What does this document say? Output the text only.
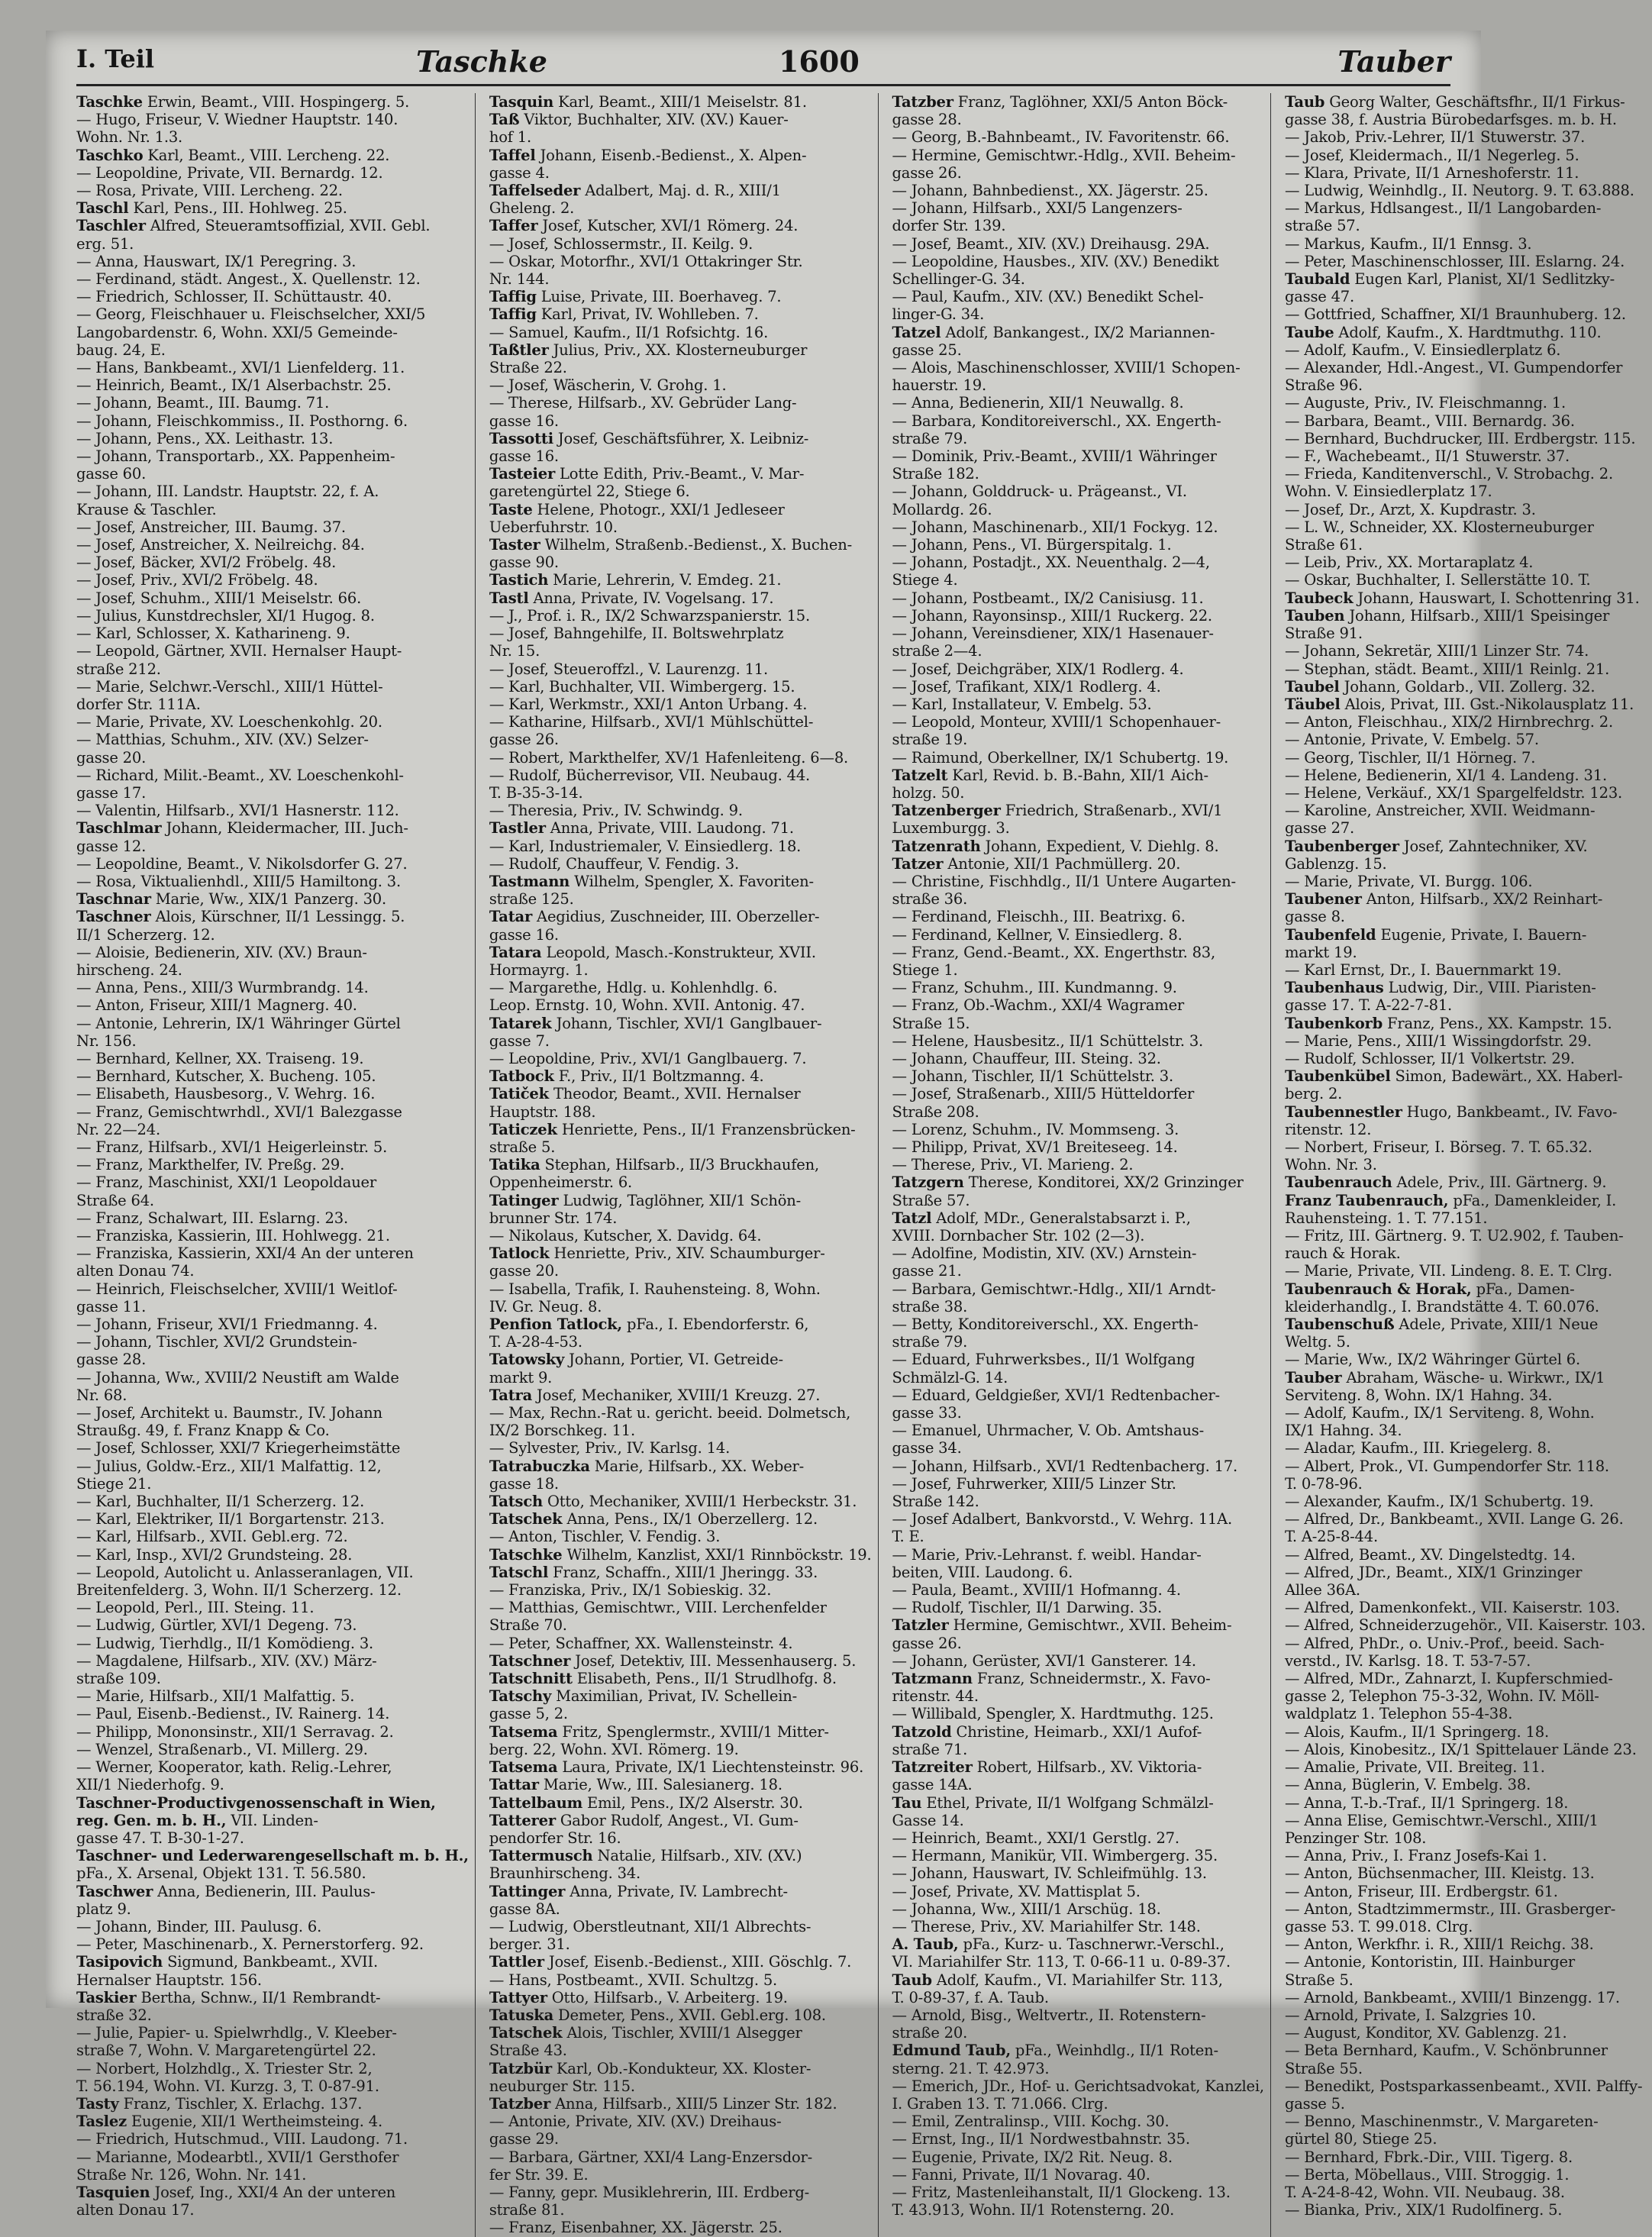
I. Teil	Taschke	1600	Tauber
Taschke Erwin, Beamt., VIII. Hospingerg. 5.
— Hugo, Friseur, V. Wiedner Hauptstr. 140.
Wohn. Nr. 1.3.
Taschko Karl, Beamt., VIII. Lercheng. 22.
— Leopoldine, Private, VII. Bernardg. 12.
— Rosa, Private, VIII. Lercheng. 22.
Taschl Karl, Pens., III. Hohlweg. 25.
Taschler Alfred, Steueramtsoffizial, XVII. Gebl.
erg. 51.
— Anna, Hauswart, IX/1 Peregring. 3.
— Ferdinand, städt. Angest., X. Quellenstr. 12.
— Friedrich, Schlosser, II. Schüttaustr. 40.
— Georg, Fleischhauer u. Fleischselcher, XXI/5
Langobardenstr. 6, Wohn. XXI/5 Gemeinde-
baug. 24, E.
— Hans, Bankbeamt., XVI/1 Lienfelderg. 11.
— Heinrich, Beamt., IX/1 Alserbachstr. 25.
— Johann, Beamt., III. Baumg. 71.
— Johann, Fleischkommiss., II. Posthorng. 6.
— Johann, Pens., XX. Leithastr. 13.
— Johann, Transportarb., XX. Pappenheim-
gasse 60.
— Johann, III. Landstr. Hauptstr. 22, f. A.
Krause & Taschler.
— Josef, Anstreicher, III. Baumg. 37.
— Josef, Anstreicher, X. Neilreichg. 84.
— Josef, Bäcker, XVI/2 Fröbelg. 48.
— Josef, Priv., XVI/2 Fröbelg. 48.
— Josef, Schuhm., XIII/1 Meiselstr. 66.
— Julius, Kunstdrechsler, XI/1 Hugog. 8.
— Karl, Schlosser, X. Katharineng. 9.
— Leopold, Gärtner, XVII. Hernalser Haupt-
straße 212.
— Marie, Selchwr.-Verschl., XIII/1 Hüttel-
dorfer Str. 111A.
— Marie, Private, XV. Loeschenkohlg. 20.
— Matthias, Schuhm., XIV. (XV.) Selzer-
gasse 20.
— Richard, Milit.-Beamt., XV. Loeschenkohl-
gasse 17.
— Valentin, Hilfsarb., XVI/1 Hasnerstr. 112.
Taschlmar Johann, Kleidermacher, III. Juch-
gasse 12.
— Leopoldine, Beamt., V. Nikolsdorfer G. 27.
— Rosa, Viktualienhdl., XIII/5 Hamiltong. 3.
Taschnar Marie, Ww., XIX/1 Panzerg. 30.
Taschner Alois, Kürschner, II/1 Lessingg. 5.
II/1 Scherzerg. 12.
— Aloisie, Bedienerin, XIV. (XV.) Braun-
hirscheng. 24.
— Anna, Pens., XIII/3 Wurmbrandg. 14.
— Anton, Friseur, XIII/1 Magnerg. 40.
— Antonie, Lehrerin, IX/1 Währinger Gürtel
Nr. 156.
— Bernhard, Kellner, XX. Traiseng. 19.
— Bernhard, Kutscher, X. Bucheng. 105.
— Elisabeth, Hausbesorg., V. Wehrg. 16.
— Franz, Gemischtwrhdl., XVI/1 Balezgasse
Nr. 22—24.
— Franz, Hilfsarb., XVI/1 Heigerleinstr. 5.
— Franz, Markthelfer, IV. Preßg. 29.
— Franz, Maschinist, XXI/1 Leopoldauer
Straße 64.
— Franz, Schalwart, III. Eslarng. 23.
— Franziska, Kassierin, III. Hohlwegg. 21.
— Franziska, Kassierin, XXI/4 An der unteren
alten Donau 74.
— Heinrich, Fleischselcher, XVIII/1 Weitlof-
gasse 11.
— Johann, Friseur, XVI/1 Friedmanng. 4.
— Johann, Tischler, XVI/2 Grundstein-
gasse 28.
— Johanna, Ww., XVIII/2 Neustift am Walde
Nr. 68.
— Josef, Architekt u. Baumstr., IV. Johann
Straußg. 49, f. Franz Knapp & Co.
— Josef, Schlosser, XXI/7 Kriegerheimstätte
— Julius, Goldw.-Erz., XII/1 Malfattig. 12,
Stiege 21.
— Karl, Buchhalter, II/1 Scherzerg. 12.
— Karl, Elektriker, II/1 Borgartenstr. 213.
— Karl, Hilfsarb., XVII. Gebl.erg. 72.
— Karl, Insp., XVI/2 Grundsteing. 28.
— Leopold, Autolicht u. Anlasseranlagen, VII.
Breitenfelderg. 3, Wohn. II/1 Scherzerg. 12.
— Leopold, Perl., III. Steing. 11.
— Ludwig, Gürtler, XVI/1 Degeng. 73.
— Ludwig, Tierhdlg., II/1 Komödieng. 3.
— Magdalene, Hilfsarb., XIV. (XV.) März-
straße 109.
— Marie, Hilfsarb., XII/1 Malfattig. 5.
— Paul, Eisenb.-Bedienst., IV. Rainerg. 14.
— Philipp, Mononsinstr., XII/1 Serravag. 2.
— Wenzel, Straßenarb., VI. Millerg. 29.
— Werner, Kooperator, kath. Relig.-Lehrer,
XII/1 Niederhofg. 9.
Taschner-Productivgenossenschaft in Wien,
reg. Gen. m. b. H., VII. Linden-
gasse 47. T. B-30-1-27.
Taschner- und Lederwarengesellschaft m. b. H.,
pFa., X. Arsenal, Objekt 131. T. 56.580.
Taschwer Anna, Bedienerin, III. Paulus-
platz 9.
— Johann, Binder, III. Paulusg. 6.
— Peter, Maschinenarb., X. Pernerstorferg. 92.
Tasipovich Sigmund, Bankbeamt., XVII.
Hernalser Hauptstr. 156.
Taskier Bertha, Schnw., II/1 Rembrandt-
straße 32.
— Julie, Papier- u. Spielwrhdlg., V. Kleeber-
straße 7, Wohn. V. Margaretengürtel 22.
— Norbert, Holzhdlg., X. Triester Str. 2,
T. 56.194, Wohn. VI. Kurzg. 3, T. 0-87-91.
Tasty Franz, Tischler, X. Erlachg. 137.
Taslez Eugenie, XII/1 Wertheimsteing. 4.
— Friedrich, Hutschmud., VIII. Laudong. 71.
— Marianne, Modearbtl., XVII/1 Gersthofer
Straße Nr. 126, Wohn. Nr. 141.
Tasquien Josef, Ing., XXI/4 An der unteren
alten Donau 17.
Tasquin Karl, Beamt., XIII/1 Meiselstr. 81.
Taß Viktor, Buchhalter, XIV. (XV.) Kauer-
hof 1.
Taffel Johann, Eisenb.-Bedienst., X. Alpen-
gasse 4.
Taffelseder Adalbert, Maj. d. R., XIII/1
Gheleng. 2.
Taffer Josef, Kutscher, XVI/1 Römerg. 24.
— Josef, Schlossermstr., II. Keilg. 9.
— Oskar, Motorfhr., XVI/1 Ottakringer Str.
Nr. 144.
Taffig Luise, Private, III. Boerhaveg. 7.
Taffig Karl, Privat, IV. Wohlleben. 7.
— Samuel, Kaufm., II/1 Rofsichtg. 16.
Taßtler Julius, Priv., XX. Klosterneuburger
Straße 22.
— Josef, Wäscherin, V. Grohg. 1.
— Therese, Hilfsarb., XV. Gebrüder Lang-
gasse 16.
Tassotti Josef, Geschäftsführer, X. Leibniz-
gasse 16.
Tasteier Lotte Edith, Priv.-Beamt., V. Mar-
garetengürtel 22, Stiege 6.
Taste Helene, Photogr., XXI/1 Jedleseer
Ueberfuhrstr. 10.
Taster Wilhelm, Straßenb.-Bedienst., X. Buchen-
gasse 90.
Tastich Marie, Lehrerin, V. Emdeg. 21.
Tastl Anna, Private, IV. Vogelsang. 17.
— J., Prof. i. R., IX/2 Schwarzspanierstr. 15.
— Josef, Bahngehilfe, II. Boltswehrplatz
Nr. 15.
— Josef, Steueroffzl., V. Laurenzg. 11.
— Karl, Buchhalter, VII. Wimbergerg. 15.
— Karl, Werkmstr., XXI/1 Anton Urbang. 4.
— Katharine, Hilfsarb., XVI/1 Mühlschüttel-
gasse 26.
— Robert, Markthelfer, XV/1 Hafenleiteng. 6—8.
— Rudolf, Bücherrevisor, VII. Neubaug. 44.
T. B-35-3-14.
— Theresia, Priv., IV. Schwindg. 9.
Tastler Anna, Private, VIII. Laudong. 71.
— Karl, Industriemaler, V. Einsiedlerg. 18.
— Rudolf, Chauffeur, V. Fendig. 3.
Tastmann Wilhelm, Spengler, X. Favoriten-
straße 125.
Tatar Aegidius, Zuschneider, III. Oberzeller-
gasse 16.
Tatara Leopold, Masch.-Konstrukteur, XVII.
Hormayrg. 1.
— Margarethe, Hdlg. u. Kohlenhdlg. 6.
Leop. Ernstg. 10, Wohn. XVII. Antonig. 47.
Tatarek Johann, Tischler, XVI/1 Ganglbauer-
gasse 7.
— Leopoldine, Priv., XVI/1 Ganglbauerg. 7.
Tatbock F., Priv., II/1 Boltzmanng. 4.
Tatiček Theodor, Beamt., XVII. Hernalser
Hauptstr. 188.
Taticzek Henriette, Pens., II/1 Franzensbrücken-
straße 5.
Tatika Stephan, Hilfsarb., II/3 Bruckhaufen,
Oppenheimerstr. 6.
Tatinger Ludwig, Taglöhner, XII/1 Schön-
brunner Str. 174.
— Nikolaus, Kutscher, X. Davidg. 64.
Tatlock Henriette, Priv., XIV. Schaumburger-
gasse 20.
— Isabella, Trafik, I. Rauhensteing. 8, Wohn.
IV. Gr. Neug. 8.
Penfion Tatlock, pFa., I. Ebendorferstr. 6,
T. A-28-4-53.
Tatowsky Johann, Portier, VI. Getreide-
markt 9.
Tatra Josef, Mechaniker, XVIII/1 Kreuzg. 27.
— Max, Rechn.-Rat u. gericht. beeid. Dolmetsch,
IX/2 Borschkeg. 11.
— Sylvester, Priv., IV. Karlsg. 14.
Tatrabuczka Marie, Hilfsarb., XX. Weber-
gasse 18.
Tatsch Otto, Mechaniker, XVIII/1 Herbeckstr. 31.
Tatschek Anna, Pens., IX/1 Oberzellerg. 12.
— Anton, Tischler, V. Fendig. 3.
Tatschke Wilhelm, Kanzlist, XXI/1 Rinnböckstr. 19.
Tatschl Franz, Schaffn., XIII/1 Jheringg. 33.
— Franziska, Priv., IX/1 Sobieskig. 32.
— Matthias, Gemischtwr., VIII. Lerchenfelder
Straße 70.
— Peter, Schaffner, XX. Wallensteinstr. 4.
Tatschner Josef, Detektiv, III. Messenhauserg. 5.
Tatschnitt Elisabeth, Pens., II/1 Strudlhofg. 8.
Tatschy Maximilian, Privat, IV. Schellein-
gasse 5, 2.
Tatsema Fritz, Spenglermstr., XVIII/1 Mitter-
berg. 22, Wohn. XVI. Römerg. 19.
Tatsema Laura, Private, IX/1 Liechtensteinstr. 96.
Tattar Marie, Ww., III. Salesianerg. 18.
Tattelbaum Emil, Pens., IX/2 Alserstr. 30.
Tatterer Gabor Rudolf, Angest., VI. Gum-
pendorfer Str. 16.
Tattermusch Natalie, Hilfsarb., XIV. (XV.)
Braunhirscheng. 34.
Tattinger Anna, Private, IV. Lambrecht-
gasse 8A.
— Ludwig, Oberstleutnant, XII/1 Albrechts-
berger. 31.
Tattler Josef, Eisenb.-Bedienst., XIII. Göschlg. 7.
— Hans, Postbeamt., XVII. Schultzg. 5.
Tattyer Otto, Hilfsarb., V. Arbeiterg. 19.
Tatuska Demeter, Pens., XVII. Gebl.erg. 108.
Tatschek Alois, Tischler, XVIII/1 Alsegger
Straße 43.
Tatzbür Karl, Ob.-Kondukteur, XX. Kloster-
neuburger Str. 115.
Tatzber Anna, Hilfsarb., XIII/5 Linzer Str. 182.
— Antonie, Private, XIV. (XV.) Dreihaus-
gasse 29.
— Barbara, Gärtner, XXI/4 Lang-Enzersdor-
fer Str. 39. E.
— Fanny, gepr. Musiklehrerin, III. Erdberg-
straße 81.
— Franz, Eisenbahner, XX. Jägerstr. 25.
Tatzber Franz, Taglöhner, XXI/5 Anton Böck-
gasse 28.
— Georg, B.-Bahnbeamt., IV. Favoritenstr. 66.
— Hermine, Gemischtwr.-Hdlg., XVII. Beheim-
gasse 26.
— Johann, Bahnbedienst., XX. Jägerstr. 25.
— Johann, Hilfsarb., XXI/5 Langenzers-
dorfer Str. 139.
— Josef, Beamt., XIV. (XV.) Dreihausg. 29A.
— Leopoldine, Hausbes., XIV. (XV.) Benedikt
Schellinger-G. 34.
— Paul, Kaufm., XIV. (XV.) Benedikt Schel-
linger-G. 34.
Tatzel Adolf, Bankangest., IX/2 Mariannen-
gasse 25.
— Alois, Maschinenschlosser, XVIII/1 Schopen-
hauerstr. 19.
— Anna, Bedienerin, XII/1 Neuwallg. 8.
— Barbara, Konditoreiverschl., XX. Engerth-
straße 79.
— Dominik, Priv.-Beamt., XVIII/1 Währinger
Straße 182.
— Johann, Golddruck- u. Prägeanst., VI.
Mollardg. 26.
— Johann, Maschinenarb., XII/1 Fockyg. 12.
— Johann, Pens., VI. Bürgerspitalg. 1.
— Johann, Postadjt., XX. Neuenthalg. 2—4,
Stiege 4.
— Johann, Postbeamt., IX/2 Canisiusg. 11.
— Johann, Rayonsinsp., XIII/1 Ruckerg. 22.
— Johann, Vereinsdiener, XIX/1 Hasenauer-
straße 2—4.
— Josef, Deichgräber, XIX/1 Rodlerg. 4.
— Josef, Trafikant, XIX/1 Rodlerg. 4.
— Karl, Installateur, V. Embelg. 53.
— Leopold, Monteur, XVIII/1 Schopenhauer-
straße 19.
— Raimund, Oberkellner, IX/1 Schubertg. 19.
Tatzelt Karl, Revid. b. B.-Bahn, XII/1 Aich-
holzg. 50.
Tatzenberger Friedrich, Straßenarb., XVI/1
Luxemburgg. 3.
Tatzenrath Johann, Expedient, V. Diehlg. 8.
Tatzer Antonie, XII/1 Pachmüllerg. 20.
— Christine, Fischhdlg., II/1 Untere Augarten-
straße 36.
— Ferdinand, Fleischh., III. Beatrixg. 6.
— Ferdinand, Kellner, V. Einsiedlerg. 8.
— Franz, Gend.-Beamt., XX. Engerthstr. 83,
Stiege 1.
— Franz, Schuhm., III. Kundmanng. 9.
— Franz, Ob.-Wachm., XXI/4 Wagramer
Straße 15.
— Helene, Hausbesitz., II/1 Schüttelstr. 3.
— Johann, Chauffeur, III. Steing. 32.
— Johann, Tischler, II/1 Schüttelstr. 3.
— Josef, Straßenarb., XIII/5 Hütteldorfer
Straße 208.
— Lorenz, Schuhm., IV. Mommseng. 3.
— Philipp, Privat, XV/1 Breiteseeg. 14.
— Therese, Priv., VI. Marieng. 2.
Tatzgern Therese, Konditorei, XX/2 Grinzinger
Straße 57.
Tatzl Adolf, MDr., Generalstabsarzt i. P.,
XVIII. Dornbacher Str. 102 (2—3).
— Adolfine, Modistin, XIV. (XV.) Arnstein-
gasse 21.
— Barbara, Gemischtwr.-Hdlg., XII/1 Arndt-
straße 38.
— Betty, Konditoreiverschl., XX. Engerth-
straße 79.
— Eduard, Fuhrwerksbes., II/1 Wolfgang
Schmälzl-G. 14.
— Eduard, Geldgießer, XVI/1 Redtenbacher-
gasse 33.
— Emanuel, Uhrmacher, V. Ob. Amtshaus-
gasse 34.
— Johann, Hilfsarb., XVI/1 Redtenbacherg. 17.
— Josef, Fuhrwerker, XIII/5 Linzer Str.
Straße 142.
— Josef Adalbert, Bankvorstd., V. Wehrg. 11A.
T. E.
— Marie, Priv.-Lehranst. f. weibl. Handar-
beiten, VIII. Laudong. 6.
— Paula, Beamt., XVIII/1 Hofmanng. 4.
— Rudolf, Tischler, II/1 Darwing. 35.
Tatzler Hermine, Gemischtwr., XVII. Beheim-
gasse 26.
— Johann, Gerüster, XVI/1 Gansterer. 14.
Tatzmann Franz, Schneidermstr., X. Favo-
ritenstr. 44.
— Willibald, Spengler, X. Hardtmuthg. 125.
Tatzold Christine, Heimarb., XXI/1 Aufof-
straße 71.
Tatzreiter Robert, Hilfsarb., XV. Viktoria-
gasse 14A.
Tau Ethel, Private, II/1 Wolfgang Schmälzl-
Gasse 14.
— Heinrich, Beamt., XXI/1 Gerstlg. 27.
— Hermann, Manikür, VII. Wimbergerg. 35.
— Johann, Hauswart, IV. Schleifmühlg. 13.
— Josef, Private, XV. Mattisplat 5.
— Johanna, Ww., XIII/1 Arschüg. 18.
— Therese, Priv., XV. Mariahilfer Str. 148.
A. Taub, pFa., Kurz- u. Taschnerwr.-Verschl.,
VI. Mariahilfer Str. 113, T. 0-66-11 u. 0-89-37.
Taub Adolf, Kaufm., VI. Mariahilfer Str. 113,
T. 0-89-37, f. A. Taub.
— Arnold, Bisg., Weltvertr., II. Rotenstern-
straße 20.
Edmund Taub, pFa., Weinhdlg., II/1 Roten-
sterng. 21. T. 42.973.
— Emerich, JDr., Hof- u. Gerichtsadvokat, Kanzlei,
I. Graben 13. T. 71.066. Clrg.
— Emil, Zentralinsp., VIII. Kochg. 30.
— Ernst, Ing., II/1 Nordwestbahnstr. 35.
— Eugenie, Private, IX/2 Rit. Neug. 8.
— Fanni, Private, II/1 Novarag. 40.
— Fritz, Mastenleihanstalt, II/1 Glockeng. 13.
T. 43.913, Wohn. II/1 Rotensterng. 20.
Taub Georg Walter, Geschäftsfhr., II/1 Firkus-
gasse 38, f. Austria Bürobedarfsges. m. b. H.
— Jakob, Priv.-Lehrer, II/1 Stuwerstr. 37.
— Josef, Kleidermach., II/1 Negerleg. 5.
— Klara, Private, II/1 Arneshoferstr. 11.
— Ludwig, Weinhdlg., II. Neutorg. 9. T. 63.888.
— Markus, Hdlsangest., II/1 Langobarden-
straße 57.
— Markus, Kaufm., II/1 Ennsg. 3.
— Peter, Maschinenschlosser, III. Eslarng. 24.
Taubald Eugen Karl, Planist, XI/1 Sedlitzky-
gasse 47.
— Gottfried, Schaffner, XI/1 Braunhuberg. 12.
Taube Adolf, Kaufm., X. Hardtmuthg. 110.
— Adolf, Kaufm., V. Einsiedlerplatz 6.
— Alexander, Hdl.-Angest., VI. Gumpendorfer
Straße 96.
— Auguste, Priv., IV. Fleischmanng. 1.
— Barbara, Beamt., VIII. Bernardg. 36.
— Bernhard, Buchdrucker, III. Erdbergstr. 115.
— F., Wachebeamt., II/1 Stuwerstr. 37.
— Frieda, Kanditenverschl., V. Strobachg. 2.
Wohn. V. Einsiedlerplatz 17.
— Josef, Dr., Arzt, X. Kupdrastr. 3.
— L. W., Schneider, XX. Klosterneuburger
Straße 61.
— Leib, Priv., XX. Mortaraplatz 4.
— Oskar, Buchhalter, I. Sellerstätte 10. T.
Taubeck Johann, Hauswart, I. Schottenring 31.
Tauben Johann, Hilfsarb., XIII/1 Speisinger
Straße 91.
— Johann, Sekretär, XIII/1 Linzer Str. 74.
— Stephan, städt. Beamt., XIII/1 Reinlg. 21.
Taubel Johann, Goldarb., VII. Zollerg. 32.
Täubel Alois, Privat, III. Gst.-Nikolausplatz 11.
— Anton, Fleischhau., XIX/2 Hirnbrechrg. 2.
— Antonie, Private, V. Embelg. 57.
— Georg, Tischler, II/1 Hörneg. 7.
— Helene, Bedienerin, XI/1 4. Landeng. 31.
— Helene, Verkäuf., XX/1 Spargelfeldstr. 123.
— Karoline, Anstreicher, XVII. Weidmann-
gasse 27.
Taubenberger Josef, Zahntechniker, XV.
Gablenzg. 15.
— Marie, Private, VI. Burgg. 106.
Taubener Anton, Hilfsarb., XX/2 Reinhart-
gasse 8.
Taubenfeld Eugenie, Private, I. Bauern-
markt 19.
— Karl Ernst, Dr., I. Bauernmarkt 19.
Taubenhaus Ludwig, Dir., VIII. Piaristen-
gasse 17. T. A-22-7-81.
Taubenkorb Franz, Pens., XX. Kampstr. 15.
— Marie, Pens., XIII/1 Wissingdorfstr. 29.
— Rudolf, Schlosser, II/1 Volkertstr. 29.
Taubenkübel Simon, Badewärt., XX. Haberl-
berg. 2.
Taubennestler Hugo, Bankbeamt., IV. Favo-
ritenstr. 12.
— Norbert, Friseur, I. Börseg. 7. T. 65.32.
Wohn. Nr. 3.
Taubenrauch Adele, Priv., III. Gärtnerg. 9.
Franz Taubenrauch, pFa., Damenkleider, I.
Rauhensteing. 1. T. 77.151.
— Fritz, III. Gärtnerg. 9. T. U2.902, f. Tauben-
rauch & Horak.
— Marie, Private, VII. Lindeng. 8. E. T. Clrg.
Taubenrauch & Horak, pFa., Damen-
kleiderhandlg., I. Brandstätte 4. T. 60.076.
Taubenschuß Adele, Private, XIII/1 Neue
Weltg. 5.
— Marie, Ww., IX/2 Währinger Gürtel 6.
Tauber Abraham, Wäsche- u. Wirkwr., IX/1
Serviteng. 8, Wohn. IX/1 Hahng. 34.
— Adolf, Kaufm., IX/1 Serviteng. 8, Wohn.
IX/1 Hahng. 34.
— Aladar, Kaufm., III. Kriegelerg. 8.
— Albert, Prok., VI. Gumpendorfer Str. 118.
T. 0-78-96.
— Alexander, Kaufm., IX/1 Schubertg. 19.
— Alfred, Dr., Bankbeamt., XVII. Lange G. 26.
T. A-25-8-44.
— Alfred, Beamt., XV. Dingelstedtg. 14.
— Alfred, JDr., Beamt., XIX/1 Grinzinger
Allee 36A.
— Alfred, Damenkonfekt., VII. Kaiserstr. 103.
— Alfred, Schneiderzugehör., VII. Kaiserstr. 103.
— Alfred, PhDr., o. Univ.-Prof., beeid. Sach-
verstd., IV. Karlsg. 18. T. 53-7-57.
— Alfred, MDr., Zahnarzt, I. Kupferschmied-
gasse 2, Telephon 75-3-32, Wohn. IV. Möll-
waldplatz 1. Telephon 55-4-38.
— Alois, Kaufm., II/1 Springerg. 18.
— Alois, Kinobesitz., IX/1 Spittelauer Lände 23.
— Amalie, Private, VII. Breiteg. 11.
— Anna, Büglerin, V. Embelg. 38.
— Anna, T.-b.-Traf., II/1 Springerg. 18.
— Anna Elise, Gemischtwr.-Verschl., XIII/1
Penzinger Str. 108.
— Anna, Priv., I. Franz Josefs-Kai 1.
— Anton, Büchsenmacher, III. Kleistg. 13.
— Anton, Friseur, III. Erdbergstr. 61.
— Anton, Stadtzimmermstr., III. Grasberger-
gasse 53. T. 99.018. Clrg.
— Anton, Werkfhr. i. R., XIII/1 Reichg. 38.
— Antonie, Kontoristin, III. Hainburger
Straße 5.
— Arnold, Bankbeamt., XVIII/1 Binzengg. 17.
— Arnold, Private, I. Salzgries 10.
— August, Konditor, XV. Gablenzg. 21.
— Beta Bernhard, Kaufm., V. Schönbrunner
Straße 55.
— Benedikt, Postsparkassenbeamt., XVII. Palffy-
gasse 5.
— Benno, Maschinenmstr., V. Margareten-
gürtel 80, Stiege 25.
— Bernhard, Fbrk.-Dir., VIII. Tigerg. 8.
— Berta, Möbellaus., VIII. Stroggig. 1.
T. A-24-8-42, Wohn. VII. Neubaug. 38.
— Bianka, Priv., XIX/1 Rudolfinerg. 5.
